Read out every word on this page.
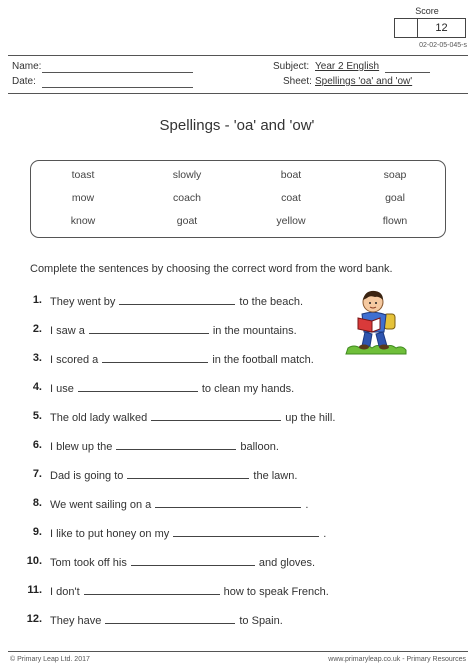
Score
12
02-02-05-045-s
Name:
Date:
Subject: Year 2 English
Sheet: Spellings 'oa' and 'ow'
Spellings - 'oa' and 'ow'
toast	slowly	boat	soap
mow	coach	coat	goal
know	goat	yellow	flown
Complete the sentences by choosing the correct word from the word bank.
1. They went by	to the beach.
2. I saw a	in the mountains.
3. I scored a	in the football match.
4. I use	to clean my hands.
5. The old lady walked	up the hill.
6. I blew up the	balloon.
7. Dad is going to	the lawn.
8. We went sailing on a	.
9. I like to put honey on my	.
10. Tom took off his	and gloves.
11. I don't	how to speak French.
12. They have	to Spain.
© Primary Leap Ltd. 2017	www.primaryleap.co.uk - Primary Resources
